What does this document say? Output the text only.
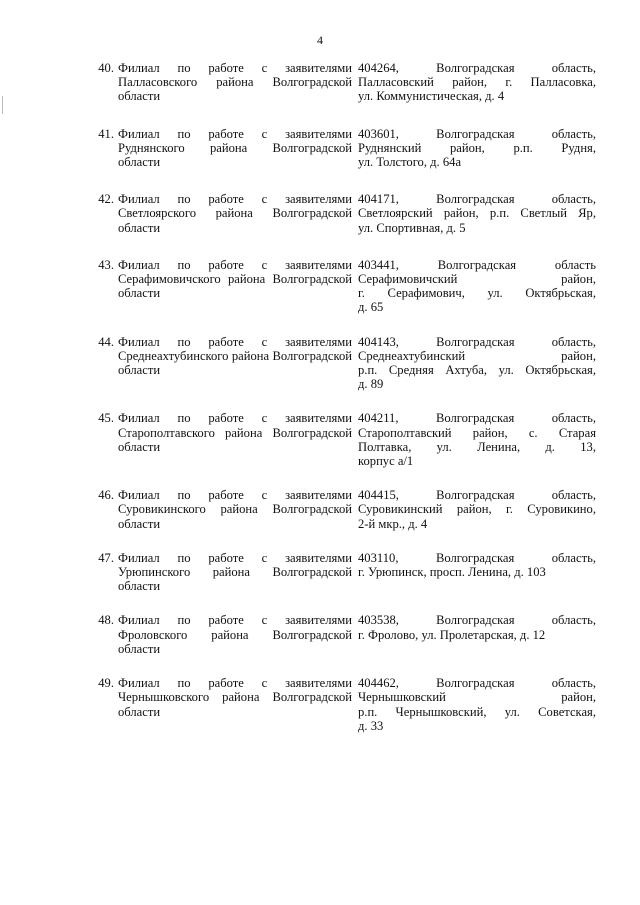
4
40. Филиал по работе с заявителями Палласовского района Волгоградской области
404264, Волгоградская область,
Палласовский район, г. Палласовка,
ул. Коммунистическая, д. 4
41. Филиал по работе с заявителями Руднянского района Волгоградской области
403601, Волгоградская область,
Руднянский район, р.п. Рудня,
ул. Толстого, д. 64а
42. Филиал по работе с заявителями Светлоярского района Волгоградской области
404171, Волгоградская область,
Светлоярский район, р.п. Светлый Яр,
ул. Спортивная, д. 5
43. Филиал по работе с заявителями Серафимовичского района Волгоградской области
403441, Волгоградская область
Серафимовичский район,
г. Серафимович, ул. Октябрьская,
д. 65
44. Филиал по работе с заявителями Среднеахтубинского района Волгоградской области
404143, Волгоградская область,
Среднеахтубинский район,
р.п. Средняя Ахтуба, ул. Октябрьская,
д. 89
45. Филиал по работе с заявителями Старополтавского района Волгоградской области
404211, Волгоградская область,
Старополтавский район, с. Старая
Полтавка, ул. Ленина, д. 13,
корпус а/1
46. Филиал по работе с заявителями Суровикинского района Волгоградской области
404415, Волгоградская область,
Суровикинский район, г. Суровикино,
2-й мкр., д. 4
47. Филиал по работе с заявителями Урюпинского района Волгоградской области
403110, Волгоградская область,
г. Урюпинск, просп. Ленина, д. 103
48. Филиал по работе с заявителями Фроловского района Волгоградской области
403538, Волгоградская область,
г. Фролово, ул. Пролетарская, д. 12
49. Филиал по работе с заявителями Чернышковского района Волгоградской области
404462, Волгоградская область,
Чернышковский район,
р.п. Чернышковский, ул. Советская,
д. 33
